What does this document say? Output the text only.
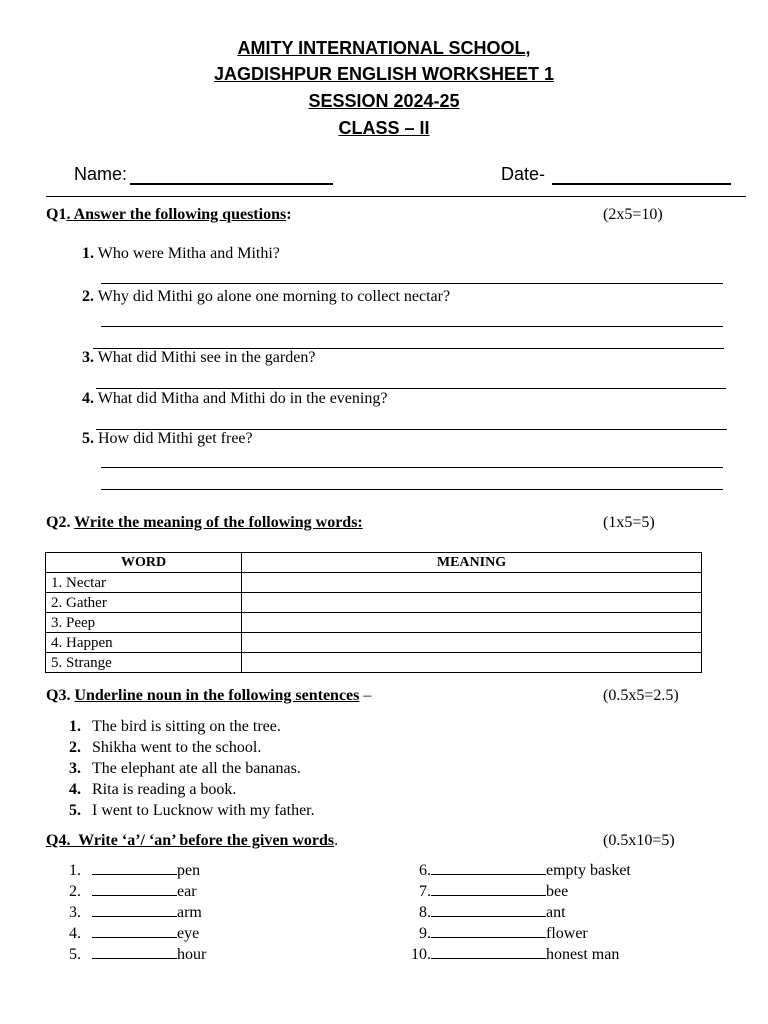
AMITY INTERNATIONAL SCHOOL,
JAGDISHPUR ENGLISH WORKSHEET 1
SESSION 2024-25
CLASS – II
Name:	Date-
Q1. Answer the following questions:	(2x5=10)
1. Who were Mitha and Mithi?
2. Why did Mithi go alone one morning to collect nectar?
3. What did Mithi see in the garden?
4. What did Mitha and Mithi do in the evening?
5. How did Mithi get free?
Q2. Write the meaning of the following words:	(1x5=5)
WORD	MEANING
1. Nectar	
2. Gather	
3. Peep	
4. Happen	
5. Strange	
Q3. Underline noun in the following sentences –	(0.5x5=2.5)
1. The bird is sitting on the tree.
2. Shikha went to the school.
3. The elephant ate all the bananas.
4. Rita is reading a book.
5. I went to Lucknow with my father.
Q4. Write ‘a’/ ‘an’ before the given words.	(0.5x10=5)
1.	pen
2.	ear
3.	arm
4.	eye
5.	hour
6.	empty basket
7.	bee
8.	ant
9.	flower
10.	honest man
